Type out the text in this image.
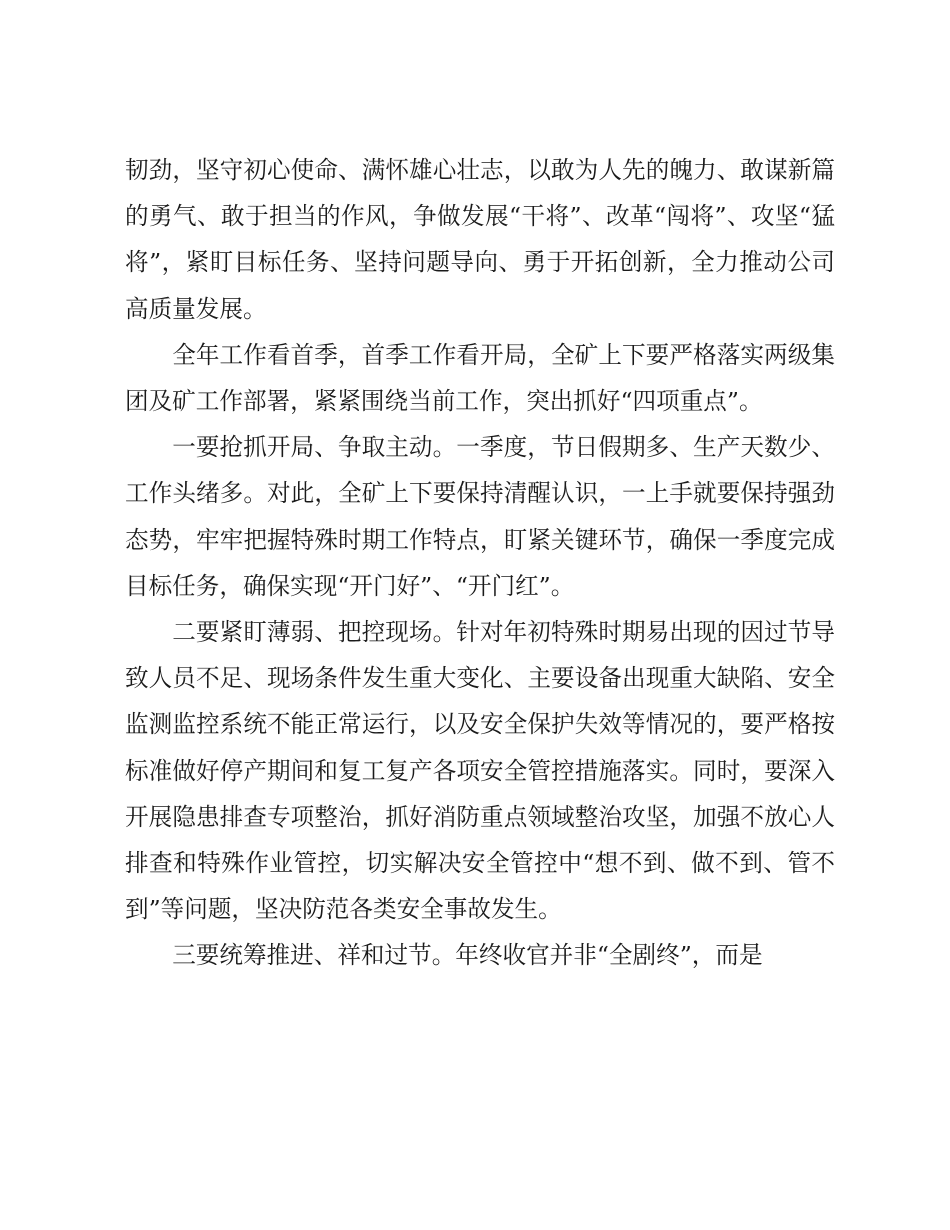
韧劲，坚守初心使命、满怀雄心壮志，以敢为人先的魄力、敢谋新篇的勇气、敢于担当的作风，争做发展“干将”、改革“闯将”、攻坚“猛将”，紧盯目标任务、坚持问题导向、勇于开拓创新，全力推动公司高质量发展。

全年工作看首季，首季工作看开局，全矿上下要严格落实两级集团及矿工作部署，紧紧围绕当前工作，突出抓好“四项重点”。

一要抢抓开局、争取主动。一季度，节日假期多、生产天数少、工作头绪多。对此，全矿上下要保持清醒认识，一上手就要保持强劲态势，牢牢把握特殊时期工作特点，盯紧关键环节，确保一季度完成目标任务，确保实现“开门好”、“开门红”。

二要紧盯薄弱、把控现场。针对年初特殊时期易出现的因过节导致人员不足、现场条件发生重大变化、主要设备出现重大缺陷、安全监测监控系统不能正常运行，以及安全保护失效等情况的，要严格按标准做好停产期间和复工复产各项安全管控措施落实。同时，要深入开展隐患排查专项整治，抓好消防重点领域整治攻坚，加强不放心人排查和特殊作业管控，切实解决安全管控中“想不到、做不到、管不到”等问题，坚决防范各类安全事故发生。

三要统筹推进、祥和过节。年终收官并非“全剧终”，而是
